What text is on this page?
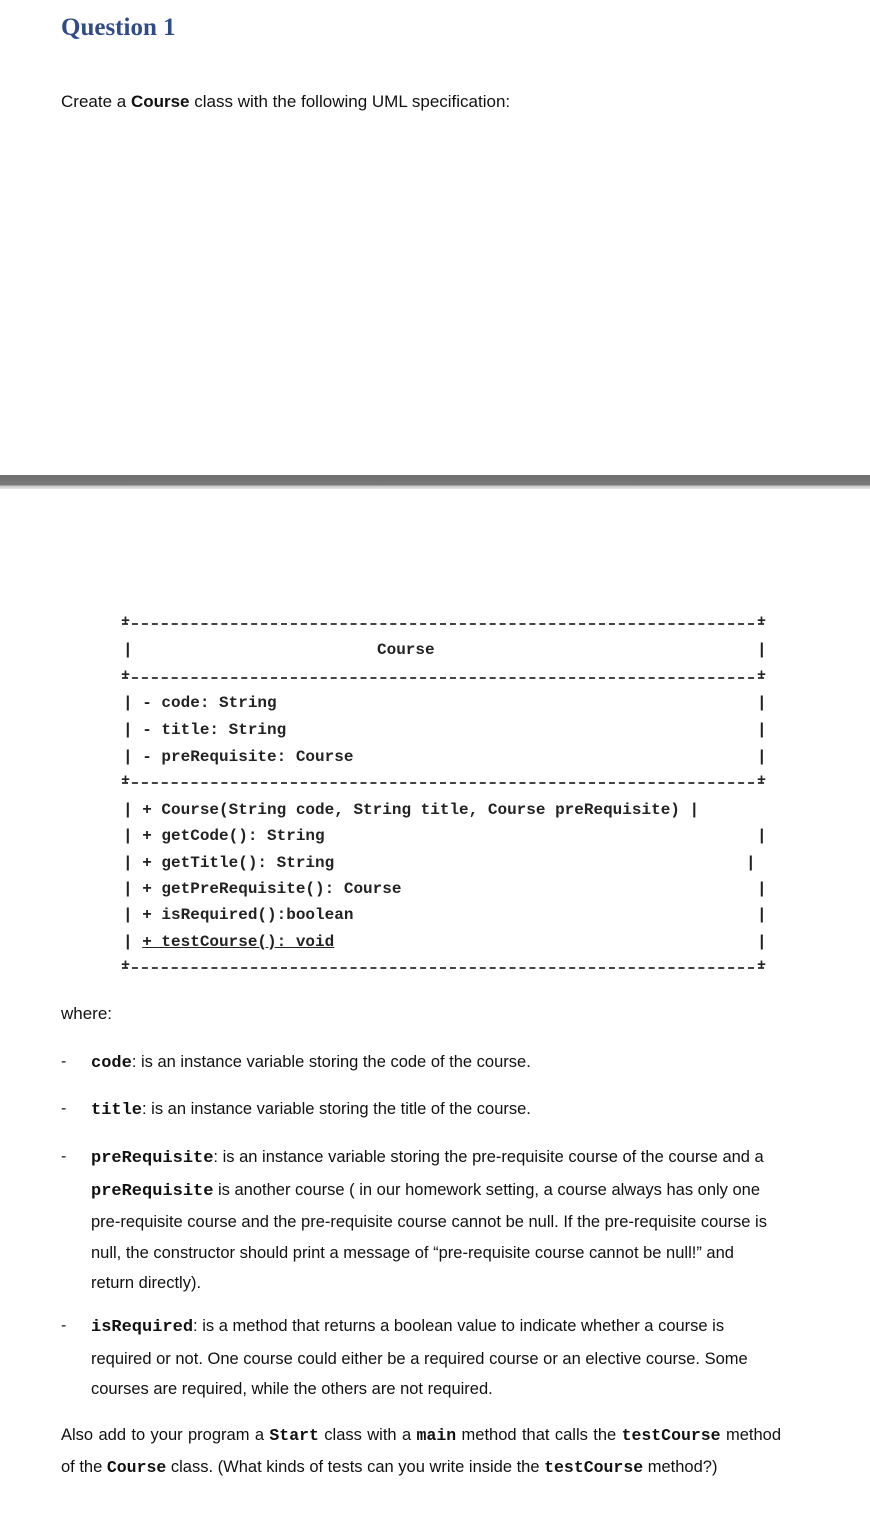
Question 1

Create a Course class with the following UML specification:

+  +
|	Course	|
+  +
| - code: String	|
| - title: String	|
| - preRequisite: Course	|
+  +
| + Course(String code, String title, Course preRequisite) |
| + getCode(): String	|
| + getTitle(): String	|
| + getPreRequisite(): Course	|
| + isRequired():boolean	|
| + testCourse(): void	|
+  +

where:

- code: is an instance variable storing the code of the course.

- title: is an instance variable storing the title of the course.

- preRequisite: is an instance variable storing the pre-requisite course of the course and a preRequisite is another course ( in our homework setting, a course always has only one pre-requisite course and the pre-requisite course cannot be null. If the pre-requisite course is null, the constructor should print a message of “pre-requisite course cannot be null!” and return directly).

- isRequired: is a method that returns a boolean value to indicate whether a course is required or not. One course could either be a required course or an elective course. Some courses are required, while the others are not required.

Also add to your program a Start class with a main method that calls the testCourse method of the Course class. (What kinds of tests can you write inside the testCourse method?)
